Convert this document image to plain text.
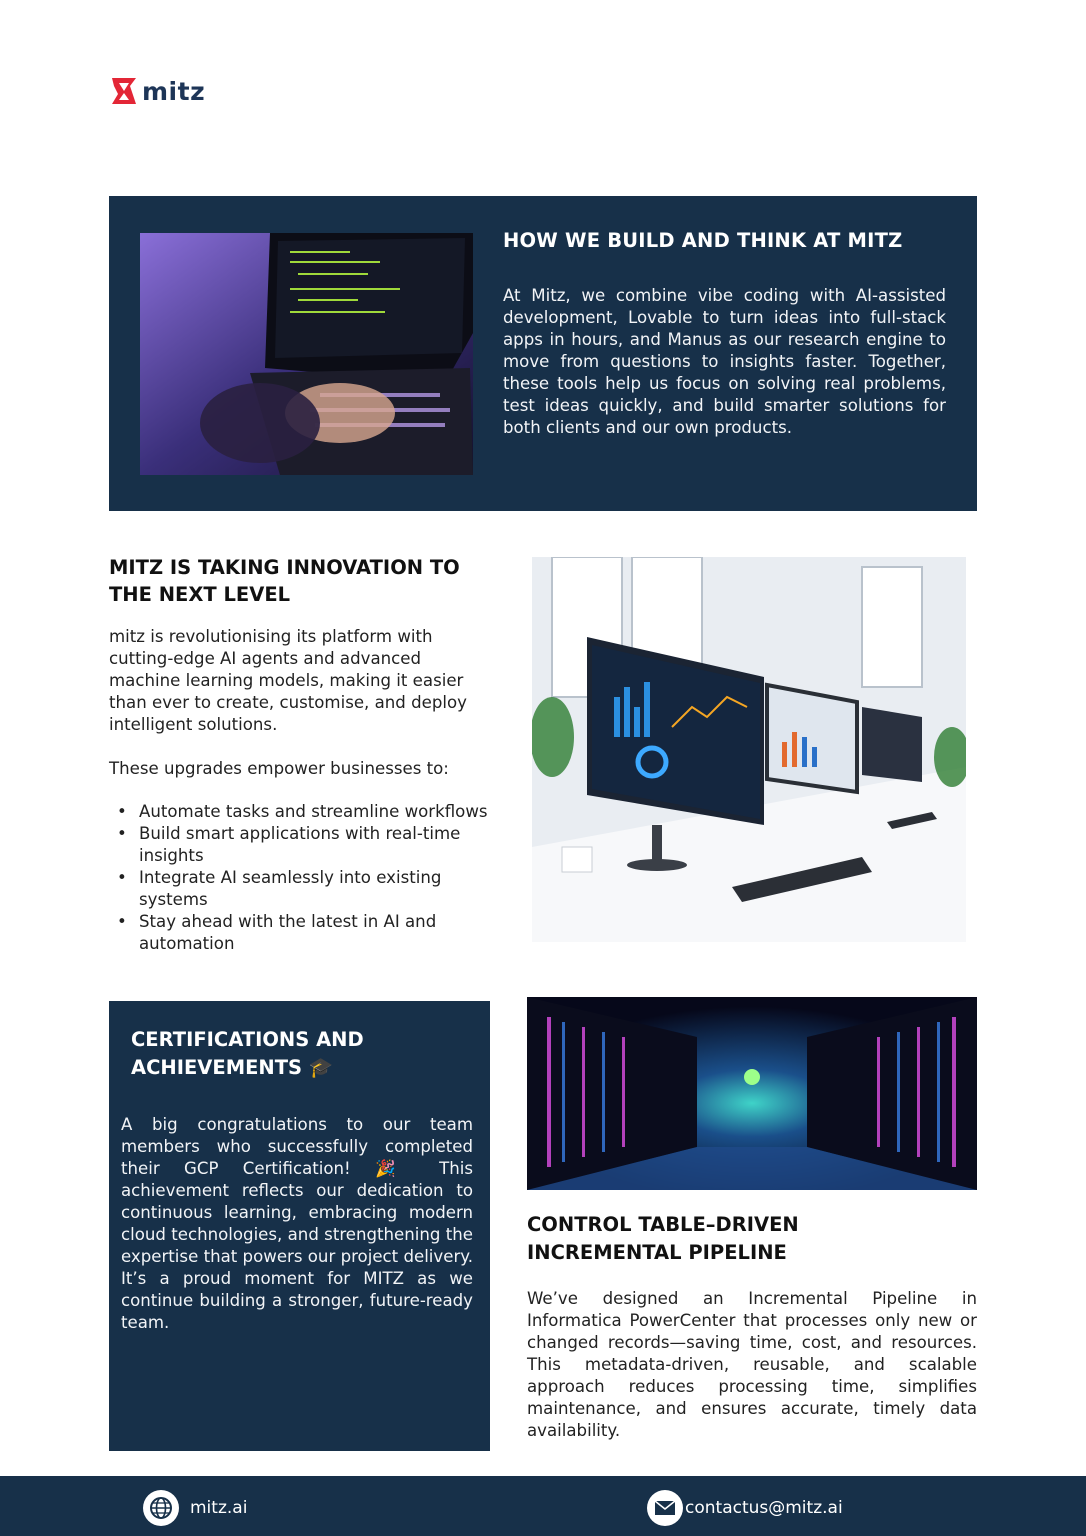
mitz
HOW WE BUILD AND THINK AT MITZ
At Mitz, we combine vibe coding with AI-assisted development, Lovable to turn ideas into full-stack apps in hours, and Manus as our research engine to move from questions to insights faster. Together, these tools help us focus on solving real problems, test ideas quickly, and build smarter solutions for both clients and our own products.
MITZ IS TAKING INNOVATION TO THE NEXT LEVEL
mitz is revolutionising its platform with cutting-edge AI agents and advanced machine learning models, making it easier than ever to create, customise, and deploy intelligent solutions.
These upgrades empower businesses to:
• Automate tasks and streamline workflows
• Build smart applications with real-time insights
• Integrate AI seamlessly into existing systems
• Stay ahead with the latest in AI and automation
CERTIFICATIONS AND ACHIEVEMENTS 🎓
A big congratulations to our team members who successfully completed their GCP Certification! 🎉 This achievement reflects our dedication to continuous learning, embracing modern cloud technologies, and strengthening the expertise that powers our project delivery. It’s a proud moment for MITZ as we continue building a stronger, future-ready team.
CONTROL TABLE–DRIVEN INCREMENTAL PIPELINE
We’ve designed an Incremental Pipeline in Informatica PowerCenter that processes only new or changed records—saving time, cost, and resources. This metadata-driven, reusable, and scalable approach reduces processing time, simplifies maintenance, and ensures accurate, timely data availability.
mitz.ai	contactus@mitz.ai
